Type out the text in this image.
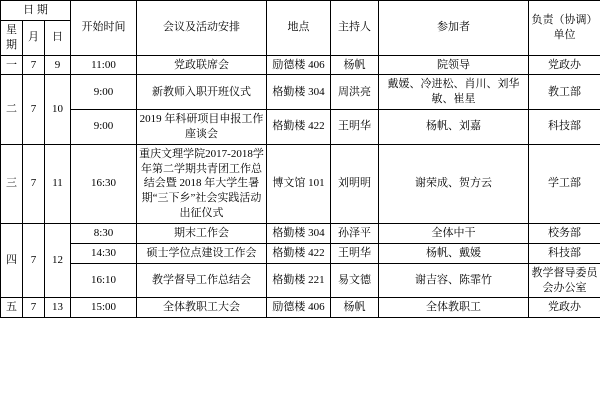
日 期			开始时间	会议及活动安排	地点	主持人	参加者	负责（协调）单位
星期	月	日						
一	7	9	11:00	党政联席会	励德楼 406	杨帆	院领导	党政办
二	7	10	9:00	新教师入职开班仪式	格勤楼 304	周洪亮	戴媛、冷进松、肖川、刘华敏、崔星	教工部
			9:00	2019 年科研项目申报工作座谈会	格勤楼 422	王明华	杨帆、刘嘉	科技部
三	7	11	16:30	重庆文理学院2017-2018学年第二学期共青团工作总结会暨 2018 年大学生暑期“三下乡”社会实践活动出征仪式	博文馆 101	刘明明	谢荣成、贺方云	学工部
四	7	12	8:30	期末工作会	格勤楼 304	孙泽平	全体中干	校务部
			14:30	硕士学位点建设工作会	格勤楼 422	王明华	杨帆、戴媛	科技部
			16:10	教学督导工作总结会	格勤楼 221	易文德	谢吉容、陈霏竹	教学督导委员会办公室
五	7	13	15:00	全体教职工大会	励德楼 406	杨帆	全体教职工	党政办
